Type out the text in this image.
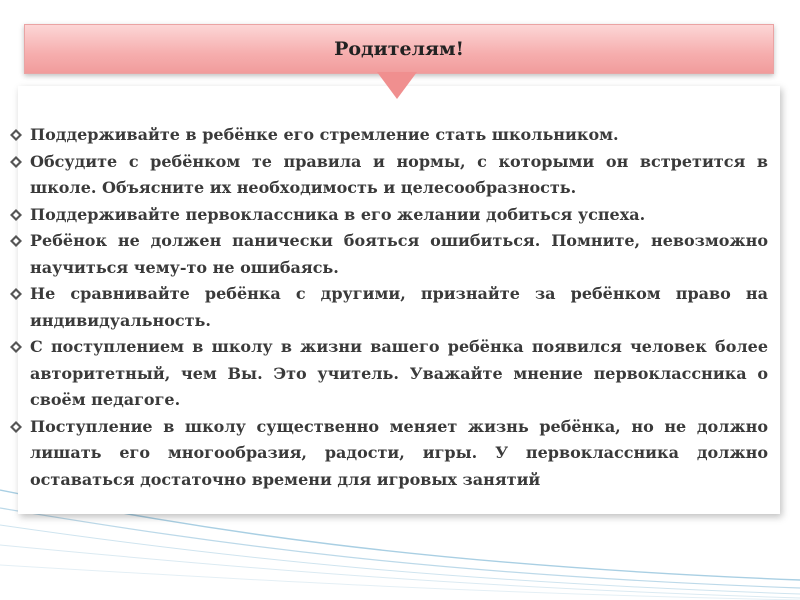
Родителям!
Поддерживайте в ребёнке его стремление стать школьником.
Обсудите с ребёнком те правила и нормы, с которыми он встретится в школе. Объясните их необходимость и целесообразность.
Поддерживайте первоклассника в его желании добиться успеха.
Ребёнок не должен панически бояться ошибиться. Помните, невозможно научиться чему-то не ошибаясь.
Не сравнивайте ребёнка с другими, признайте за ребёнком право на индивидуальность.
С поступлением в школу в жизни вашего ребёнка появился человек более авторитетный, чем Вы. Это учитель. Уважайте мнение первоклассника о своём педагоге.
Поступление в школу существенно меняет жизнь ребёнка, но не должно лишать его многообразия, радости, игры. У первоклассника должно оставаться достаточно времени для игровых занятий
